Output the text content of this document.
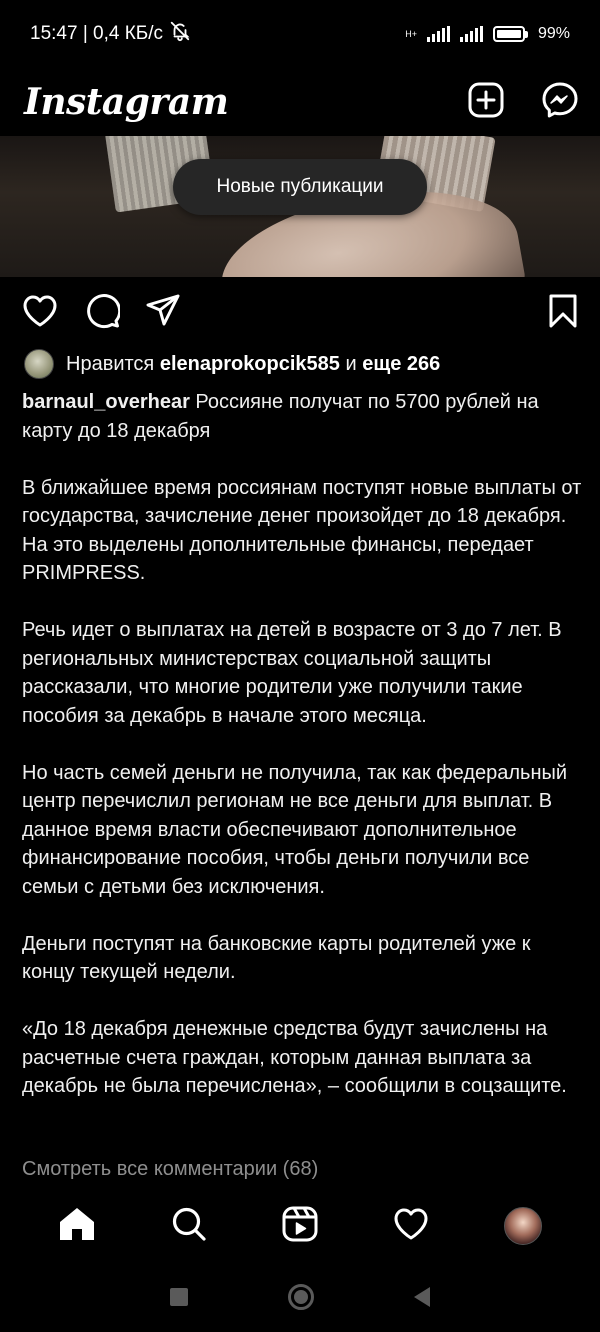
15:47 | 0,4 КБ/с	H+	99%
Instagram
Новые публикации
Нравится elenaprokopcik585 и еще 266

barnaul_overhear Россияне получат по 5700 рублей на карту до 18 декабря

В ближайшее время россиянам поступят новые выплаты от государства, зачисление денег произойдет до 18 декабря. На это выделены дополнительные финансы, передает PRIMPRESS.

Речь идет о выплатах на детей в возрасте от 3 до 7 лет. В региональных министерствах социальной защиты рассказали, что многие родители уже получили такие пособия за декабрь в начале этого месяца.

Но часть семей деньги не получила, так как федеральный центр перечислил регионам не все деньги для выплат. В данное время власти обеспечивают дополнительное финансирование пособия, чтобы деньги получили все семьи с детьми без исключения.

Деньги поступят на банковские карты родителей уже к концу текущей недели.

«До 18 декабря денежные средства будут зачислены на расчетные счета граждан, которым данная выплата за декабрь не была перечислена», – сообщили в соцзащите.

Смотреть все комментарии (68)
